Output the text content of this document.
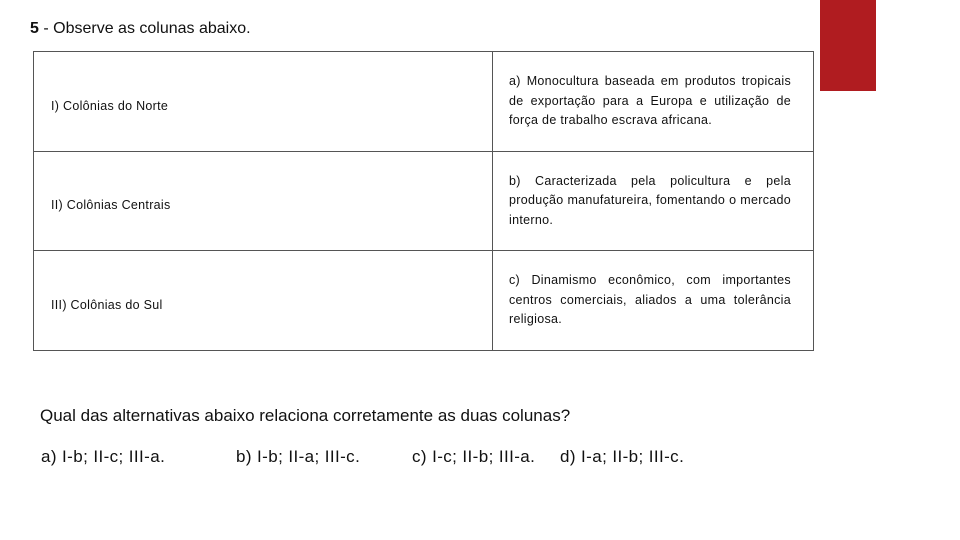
5 - Observe as colunas abaixo.
I) Colônias do Norte	a) Monocultura baseada em produtos tropicais de exportação para a Europa e utilização de força de trabalho escrava africana.

II) Colônias Centrais	b) Caracterizada pela policultura e pela produção manufatureira, fomentando o mercado interno.

III) Colônias do Sul	c) Dinamismo econômico, com importantes centros comerciais, aliados a uma tolerância religiosa.
Qual das alternativas abaixo relaciona corretamente as duas colunas?
a) I-b; II-c; III-a.	b) I-b; II-a; III-c.	c) I-c; II-b; III-a. d) I-a; II-b; III-c.
